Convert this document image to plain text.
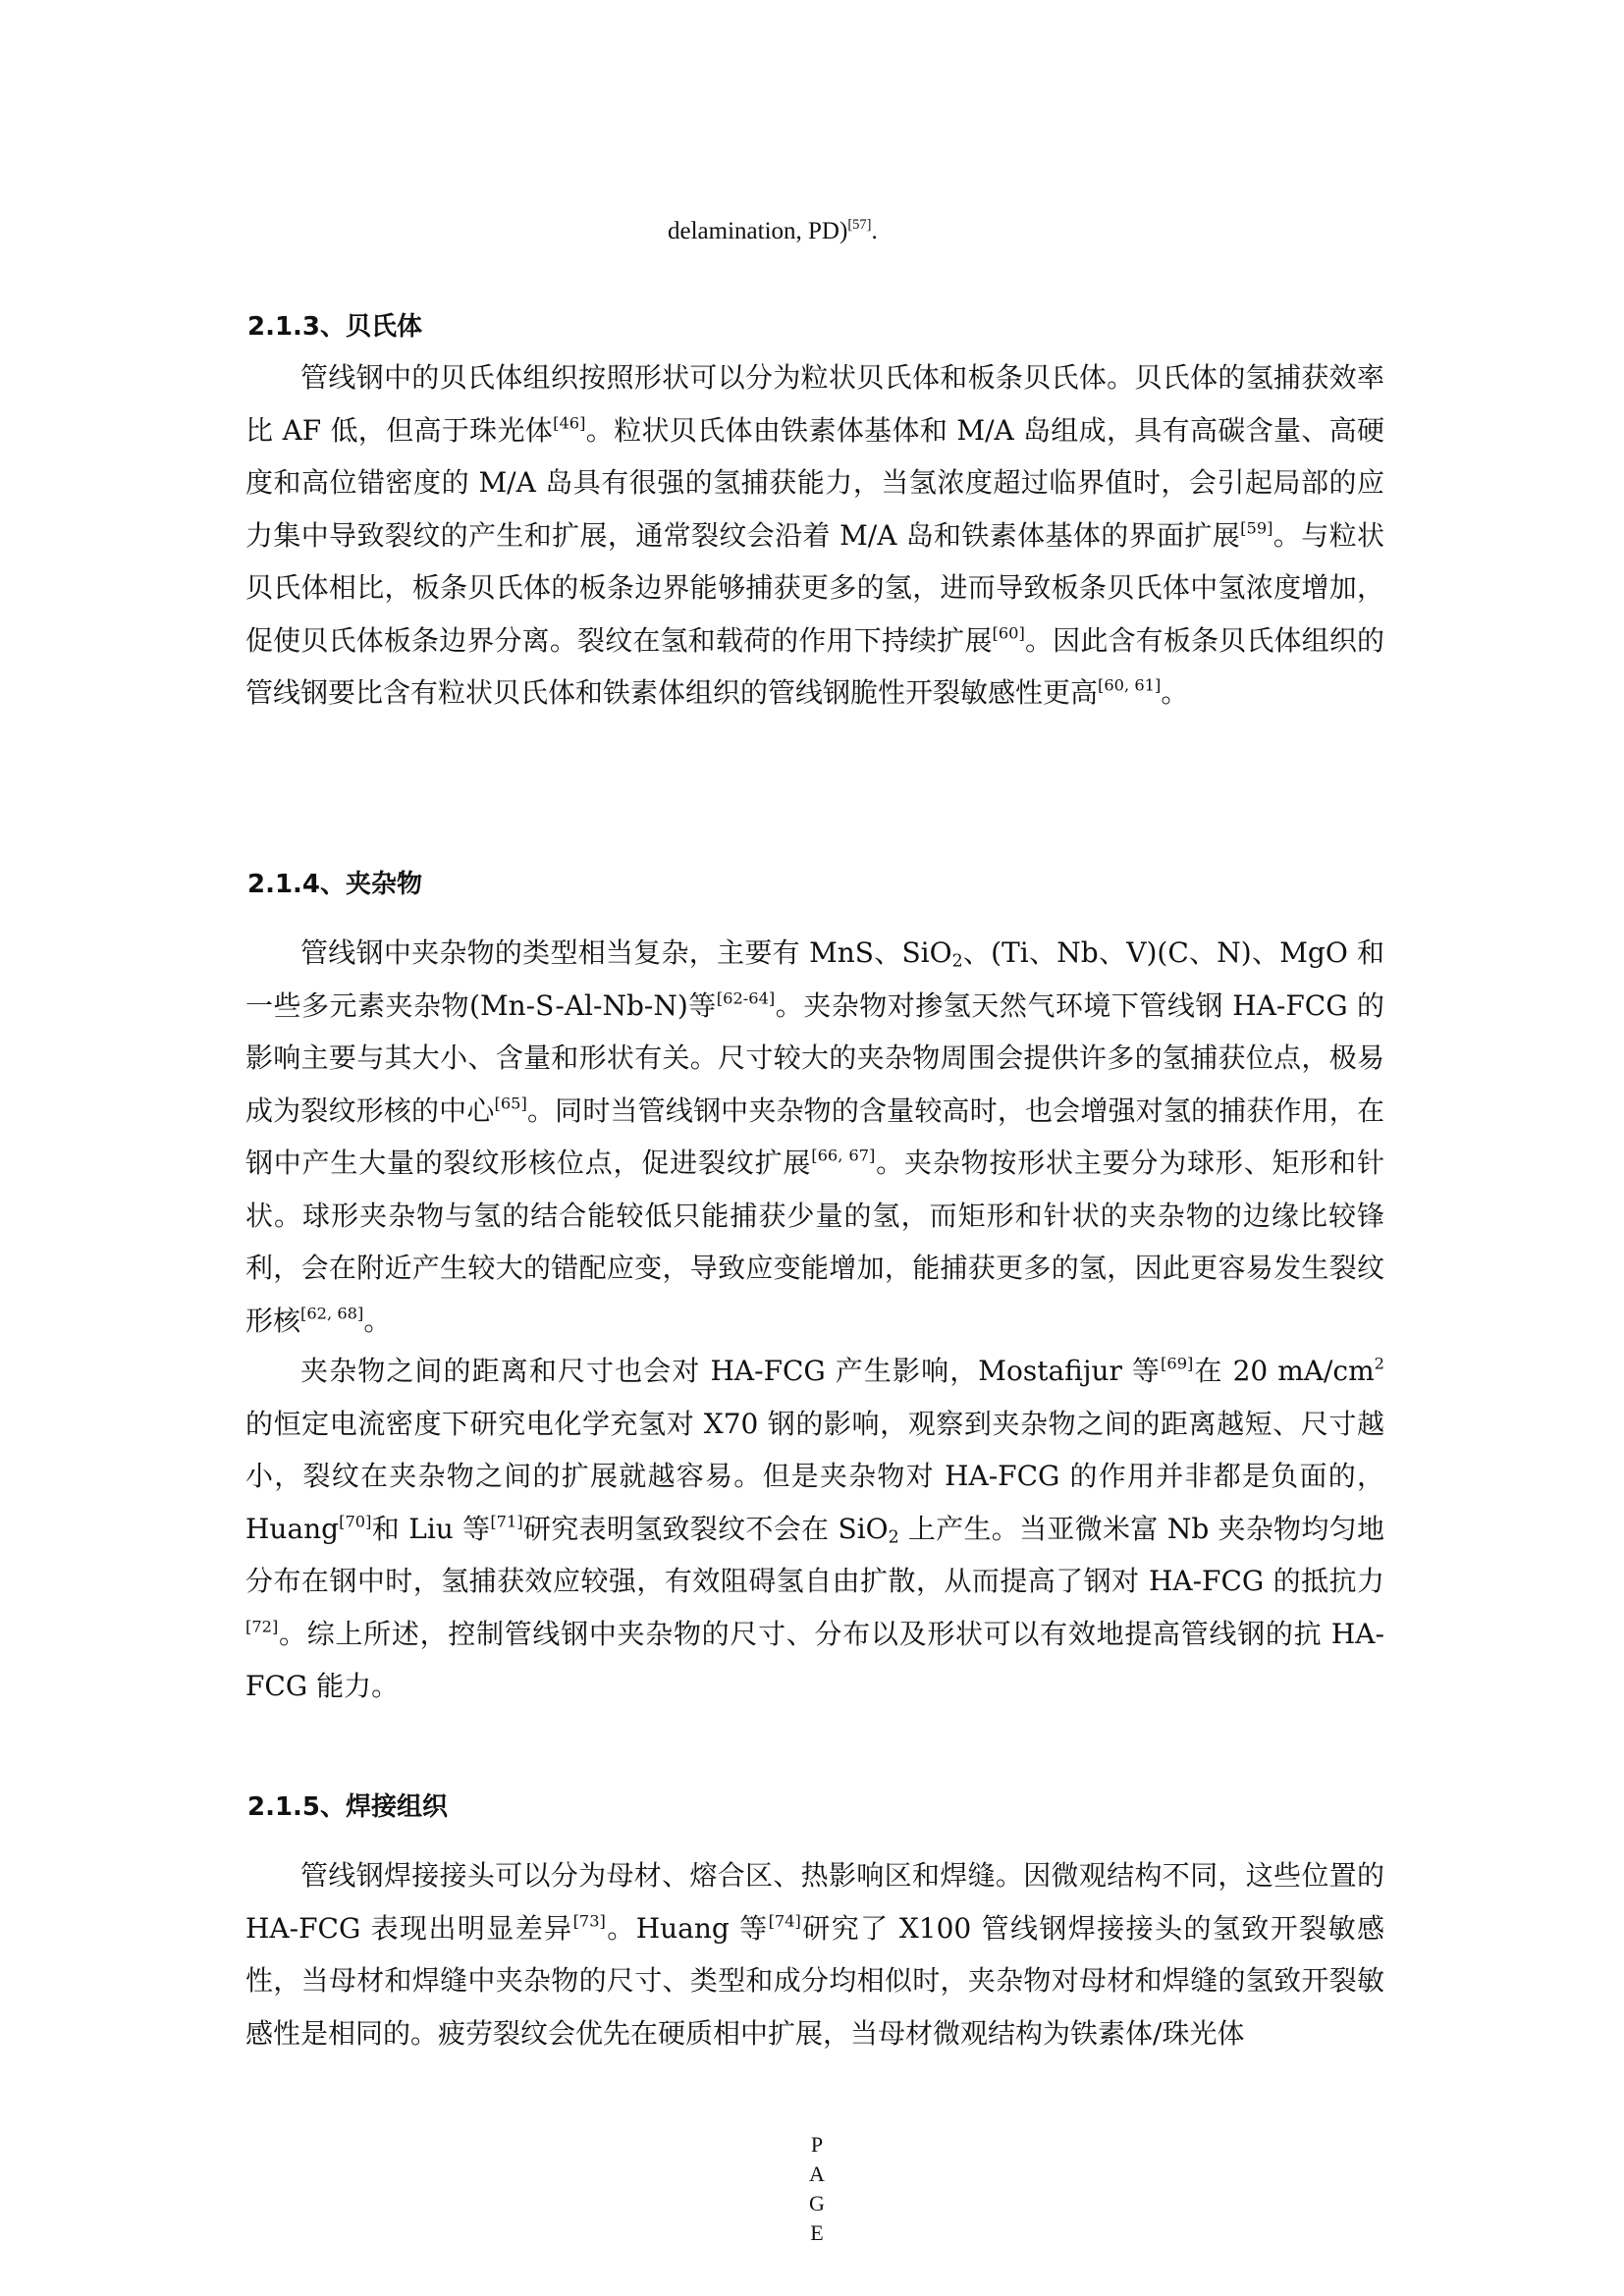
delamination, PD)[57].
2.1.3、贝氏体

管线钢中的贝氏体组织按照形状可以分为粒状贝氏体和板条贝氏体。贝氏体的氢捕获效率比 AF 低，但高于珠光体[46]。粒状贝氏体由铁素体基体和 M/A 岛组成，具有高碳含量、高硬度和高位错密度的 M/A 岛具有很强的氢捕获能力，当氢浓度超过临界值时，会引起局部的应力集中导致裂纹的产生和扩展，通常裂纹会沿着 M/A 岛和铁素体基体的界面扩展[59]。与粒状贝氏体相比，板条贝氏体的板条边界能够捕获更多的氢，进而导致板条贝氏体中氢浓度增加，促使贝氏体板条边界分离。裂纹在氢和载荷的作用下持续扩展[60]。因此含有板条贝氏体组织的管线钢要比含有粒状贝氏体和铁素体组织的管线钢脆性开裂敏感性更高[60, 61]。

2.1.4、夹杂物

管线钢中夹杂物的类型相当复杂，主要有 MnS、SiO$_2$、(Ti、Nb、V)(C、N)、MgO 和一些多元素夹杂物(Mn-S-Al-Nb-N)等[62-64]。夹杂物对掺氢天然气环境下管线钢 HA-FCG 的影响主要与其大小、含量和形状有关。尺寸较大的夹杂物周围会提供许多的氢捕获位点，极易成为裂纹形核的中心[65]。同时当管线钢中夹杂物的含量较高时，也会增强对氢的捕获作用，在钢中产生大量的裂纹形核位点，促进裂纹扩展[66, 67]。夹杂物按形状主要分为球形、矩形和针状。球形夹杂物与氢的结合能较低只能捕获少量的氢，而矩形和针状的夹杂物的边缘比较锋利，会在附近产生较大的错配应变，导致应变能增加，能捕获更多的氢，因此更容易发生裂纹形核[62, 68]。

夹杂物之间的距离和尺寸也会对 HA-FCG 产生影响，Mostafijur 等[69]在 20 $mA/cm^2$ 的恒定电流密度下研究电化学充氢对 X70 钢的影响，观察到夹杂物之间的距离越短、尺寸越小，裂纹在夹杂物之间的扩展就越容易。但是夹杂物对 HA-FCG 的作用并非都是负面的，Huang[70]和 Liu 等[71]研究表明氢致裂纹不会在 SiO$_2$ 上产生。当亚微米富 Nb 夹杂物均匀地分布在钢中时，氢捕获效应较强，有效阻碍氢自由扩散，从而提高了钢对 HA-FCG 的抵抗力[72]。综上所述，控制管线钢中夹杂物的尺寸、分布以及形状可以有效地提高管线钢的抗 HA-FCG 能力。

2.1.5、焊接组织

管线钢焊接接头可以分为母材、熔合区、热影响区和焊缝。因微观结构不同，这些位置的 HA-FCG 表现出明显差异[73]。Huang 等[74]研究了 X100 管线钢焊接接头的氢致开裂敏感性，当母材和焊缝中夹杂物的尺寸、类型和成分均相似时，夹杂物对母材和焊缝的氢致开裂敏感性是相同的。疲劳裂纹会优先在硬质相中扩展，当母材微观结构为铁素体/珠光体

P
A
G
E
